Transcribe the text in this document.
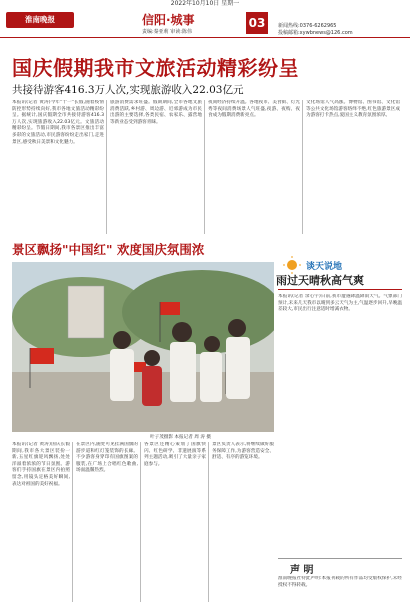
2022年10月10日 星期一
淮南晚报	信阳·城事
责编:秦亚莉 审读:陈伟
03	新闻热线:0376-6262965
投稿邮箱:xywbnews@126.com
国庆假期我市文旅活动精彩纷呈
共接待游客416.3万人次,实现旅游收入22.03亿元
本报讯(记者 黄涛)今年"十一"长假,随着疫情防控形势持续向好,我市各地文旅活动精彩纷呈。据统计,国庆假期全市共接待游客416.3万人次,实现旅游收入22.03亿元。文旅活动精彩纷呈。节假日期间,我市各景区推出丰富多彩的文旅活动,市民游客纷纷走出家门,走进景区,感受秋日美景和文化魅力。
旅游消费需求旺盛。假期期间,全市各地文旅消费活跃,乡村游、周边游、近郊游成为市民出游的主要选择,各类民宿、农家乐、露营地等新业态受到游客青睐。
夜间经济持续升温。各地夜市、美食街、灯光秀等夜间消费场景人气旺盛,夜游、夜购、夜食成为假期消费新亮点。
文化场馆人气高涨。博物馆、图书馆、文化馆等公共文化场馆游客络绎不绝,红色旅游景区成为游客打卡热点,爱国主义教育氛围浓厚。
景区飘扬"中国红" 欢度国庆氛围浓
叶子茂摄影 本报记者 周 涛 摄
本报讯(记者 黄涛)国庆长假期间,我市各大景区装扮一新,五星红旗迎风飘扬,处处洋溢着浓浓的节日氛围。游客们手持国旗在景区内拍照留念,用镜头定格美好瞬间,表达对祖国的美好祝福。
在景区内,随处可见挂满国旗的游步道和红灯笼装饰的长廊。不少游客身穿印有国旗图案的服装,在广场上合唱红色歌曲,场面温馨热烈。
各景区还精心策划了国旗快闪、红色研学、非遗展演等系列主题活动,吸引了大量亲子家庭参与。
景区负责人表示,将继续做好服务保障工作,为游客营造安全、舒适、有序的游览环境。
谈天说地
雨过天晴秋高气爽
本报讯(记者 余心宇)日前,我市遭遇降温降雨天气。气象部门预计,未来几天我市以晴到多云天气为主,气温逐步回升,早晚温差较大,市民出行注意适时增减衣物。
声 明
淮南晚报社特此声明:本报刊载的所有作品均受版权保护,未经授权不得转载。
